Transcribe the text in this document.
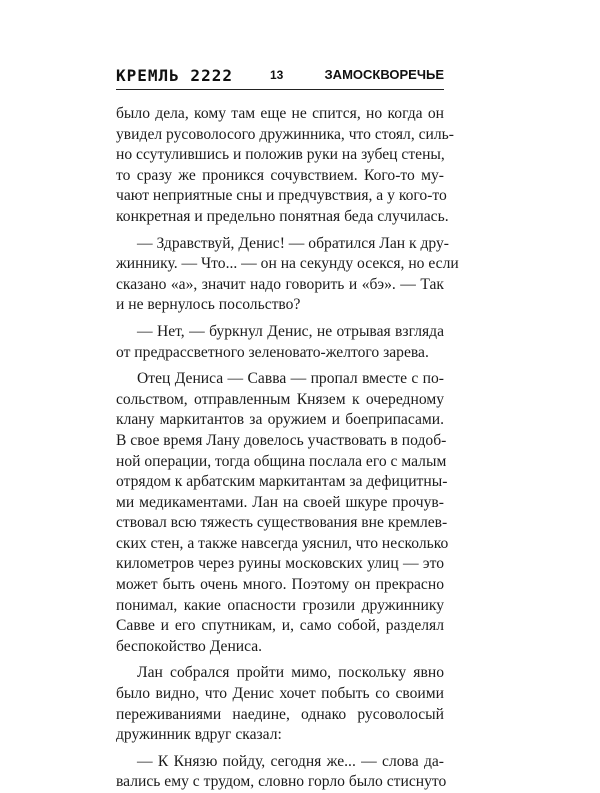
КРЕМЛЬ 2222	13	ЗАМОСКВОРЕЧЬЕ
было дела, кому там еще не спится, но когда он
увидел русоволосого дружинника, что стоял, силь-
но ссутулившись и положив руки на зубец стены,
то сразу же проникся сочувствием. Кого-то му-
чают неприятные сны и предчувствия, а у кого-то
конкретная и предельно понятная беда случилась.
— Здравствуй, Денис! — обратился Лан к дру-
жиннику. — Что... — он на секунду осекся, но если
сказано «а», значит надо говорить и «бэ». — Так
и не вернулось посольство?
— Нет, — буркнул Денис, не отрывая взгляда
от предрассветного зеленовато-желтого зарева.
Отец Дениса — Савва — пропал вместе с по-
сольством, отправленным Князем к очередному
клану маркитантов за оружием и боеприпасами.
В свое время Лану довелось участвовать в подоб-
ной операции, тогда община послала его с малым
отрядом к арбатским маркитантам за дефицитны-
ми медикаментами. Лан на своей шкуре прочув-
ствовал всю тяжесть существования вне кремлев-
ских стен, а также навсегда уяснил, что несколько
километров через руины московских улиц — это
может быть очень много. Поэтому он прекрасно
понимал, какие опасности грозили дружиннику
Савве и его спутникам, и, само собой, разделял
беспокойство Дениса.
Лан собрался пройти мимо, поскольку явно
было видно, что Денис хочет побыть со своими
переживаниями наедине, однако русоволосый
дружинник вдруг сказал:
— К Князю пойду, сегодня же... — слова да-
вались ему с трудом, словно горло было стиснуто
